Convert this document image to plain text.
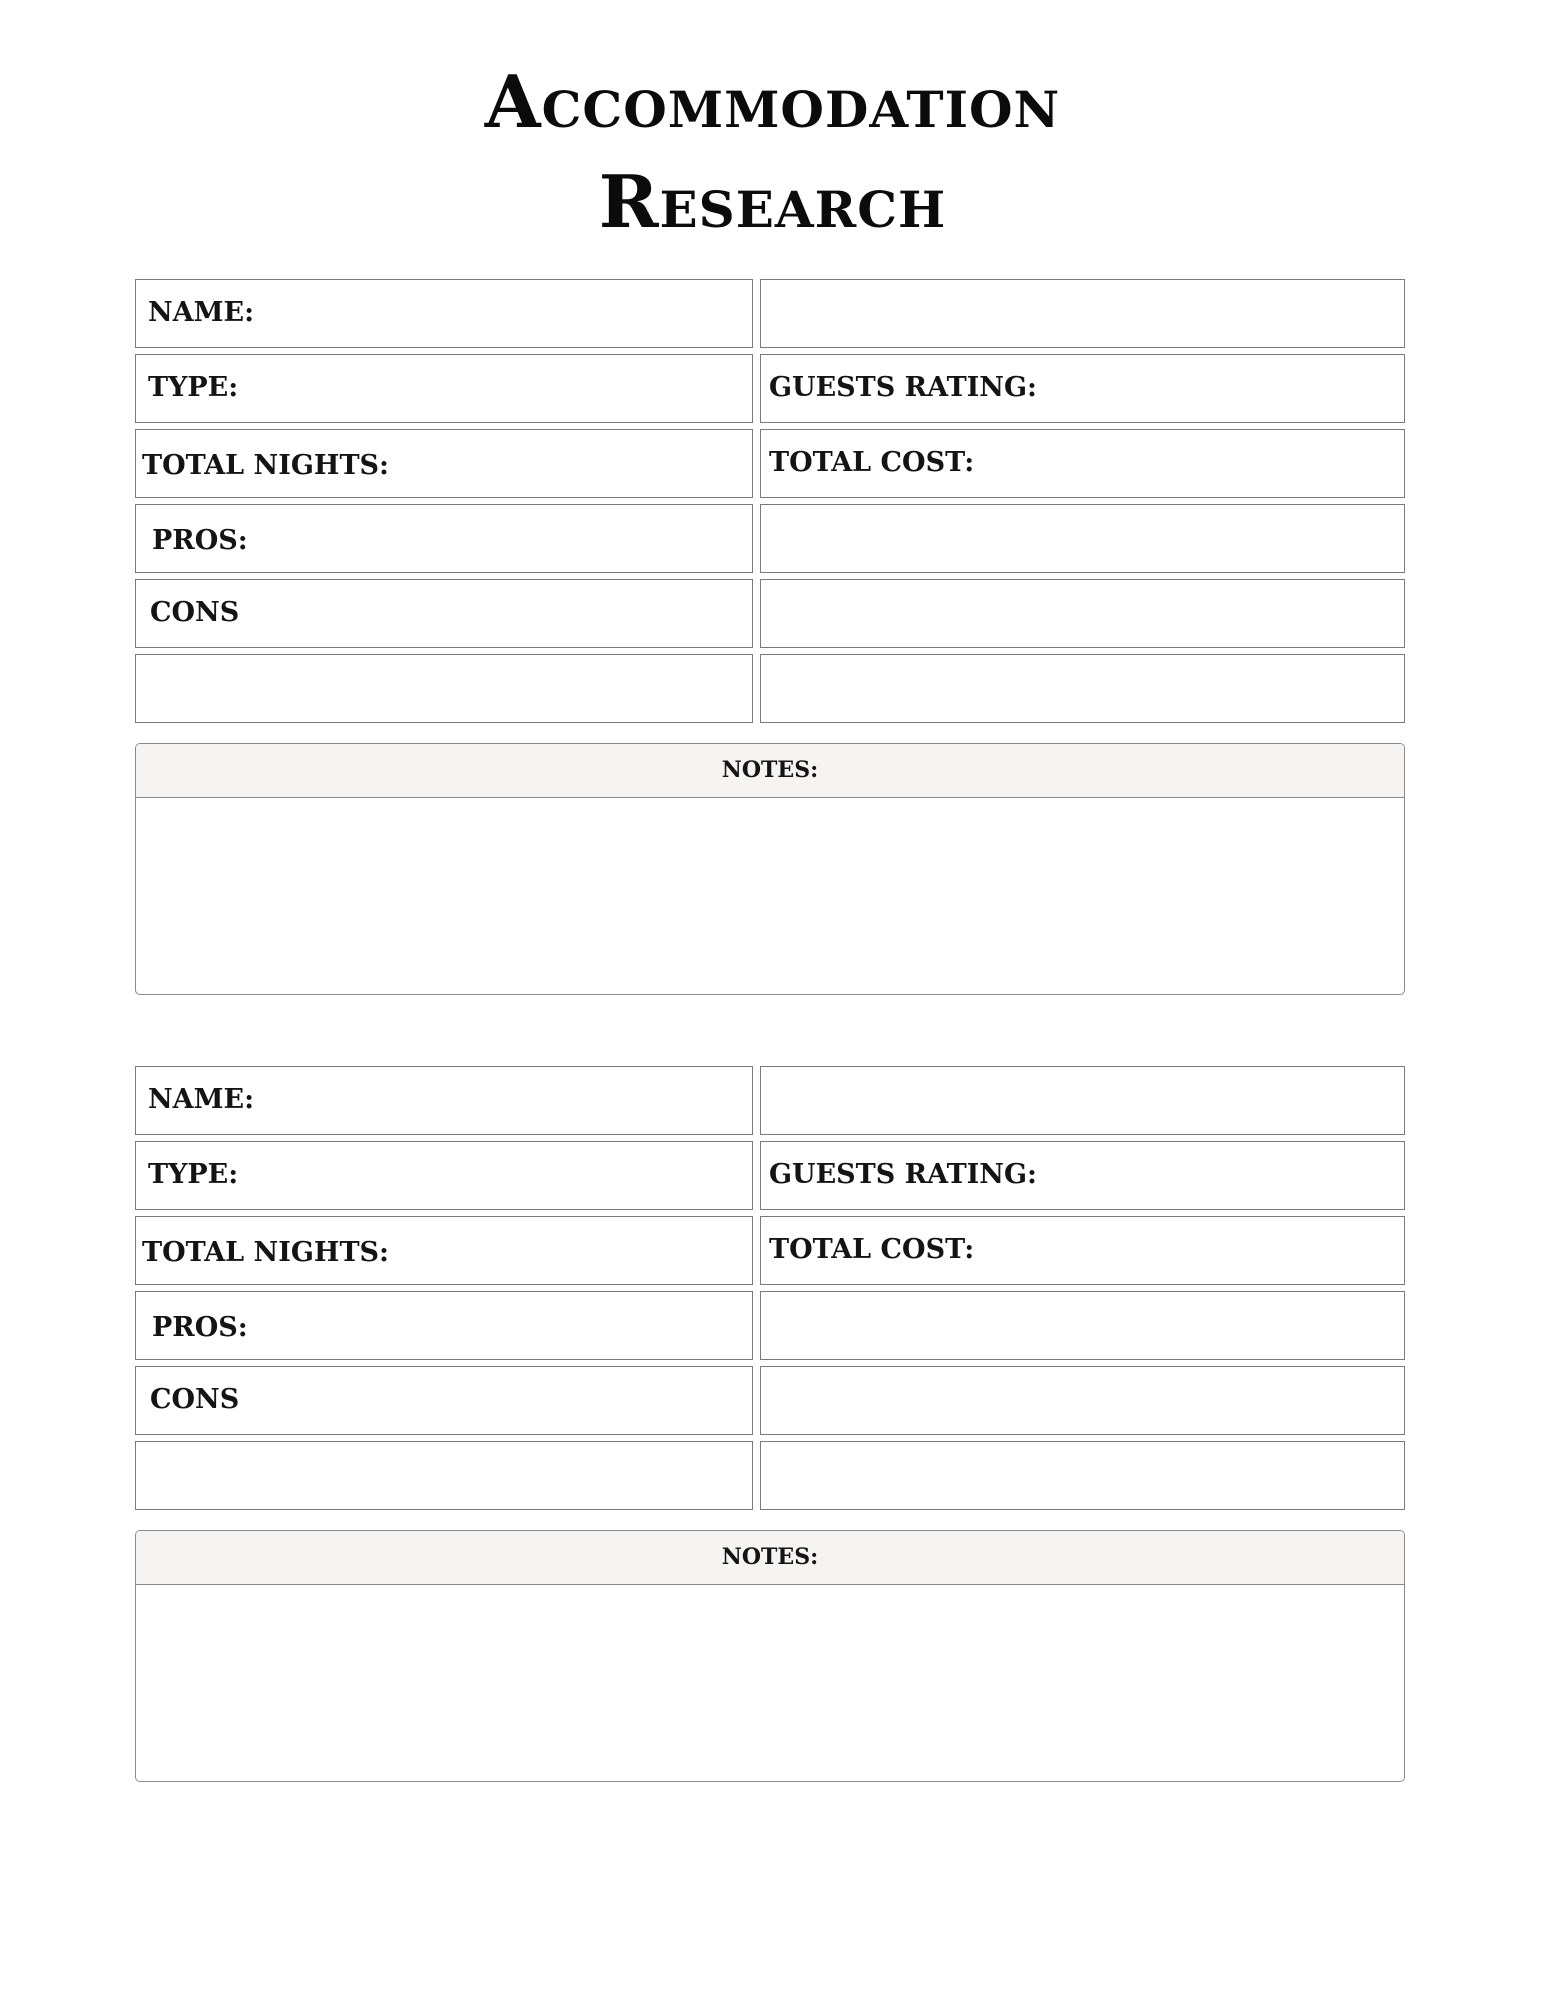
Accommodation
Research
NAME:
TYPE:	GUESTS RATING:
TOTAL NIGHTS:	TOTAL COST:
PROS:
CONS
NOTES:
NAME:
TYPE:	GUESTS RATING:
TOTAL NIGHTS:	TOTAL COST:
PROS:
CONS
NOTES:
